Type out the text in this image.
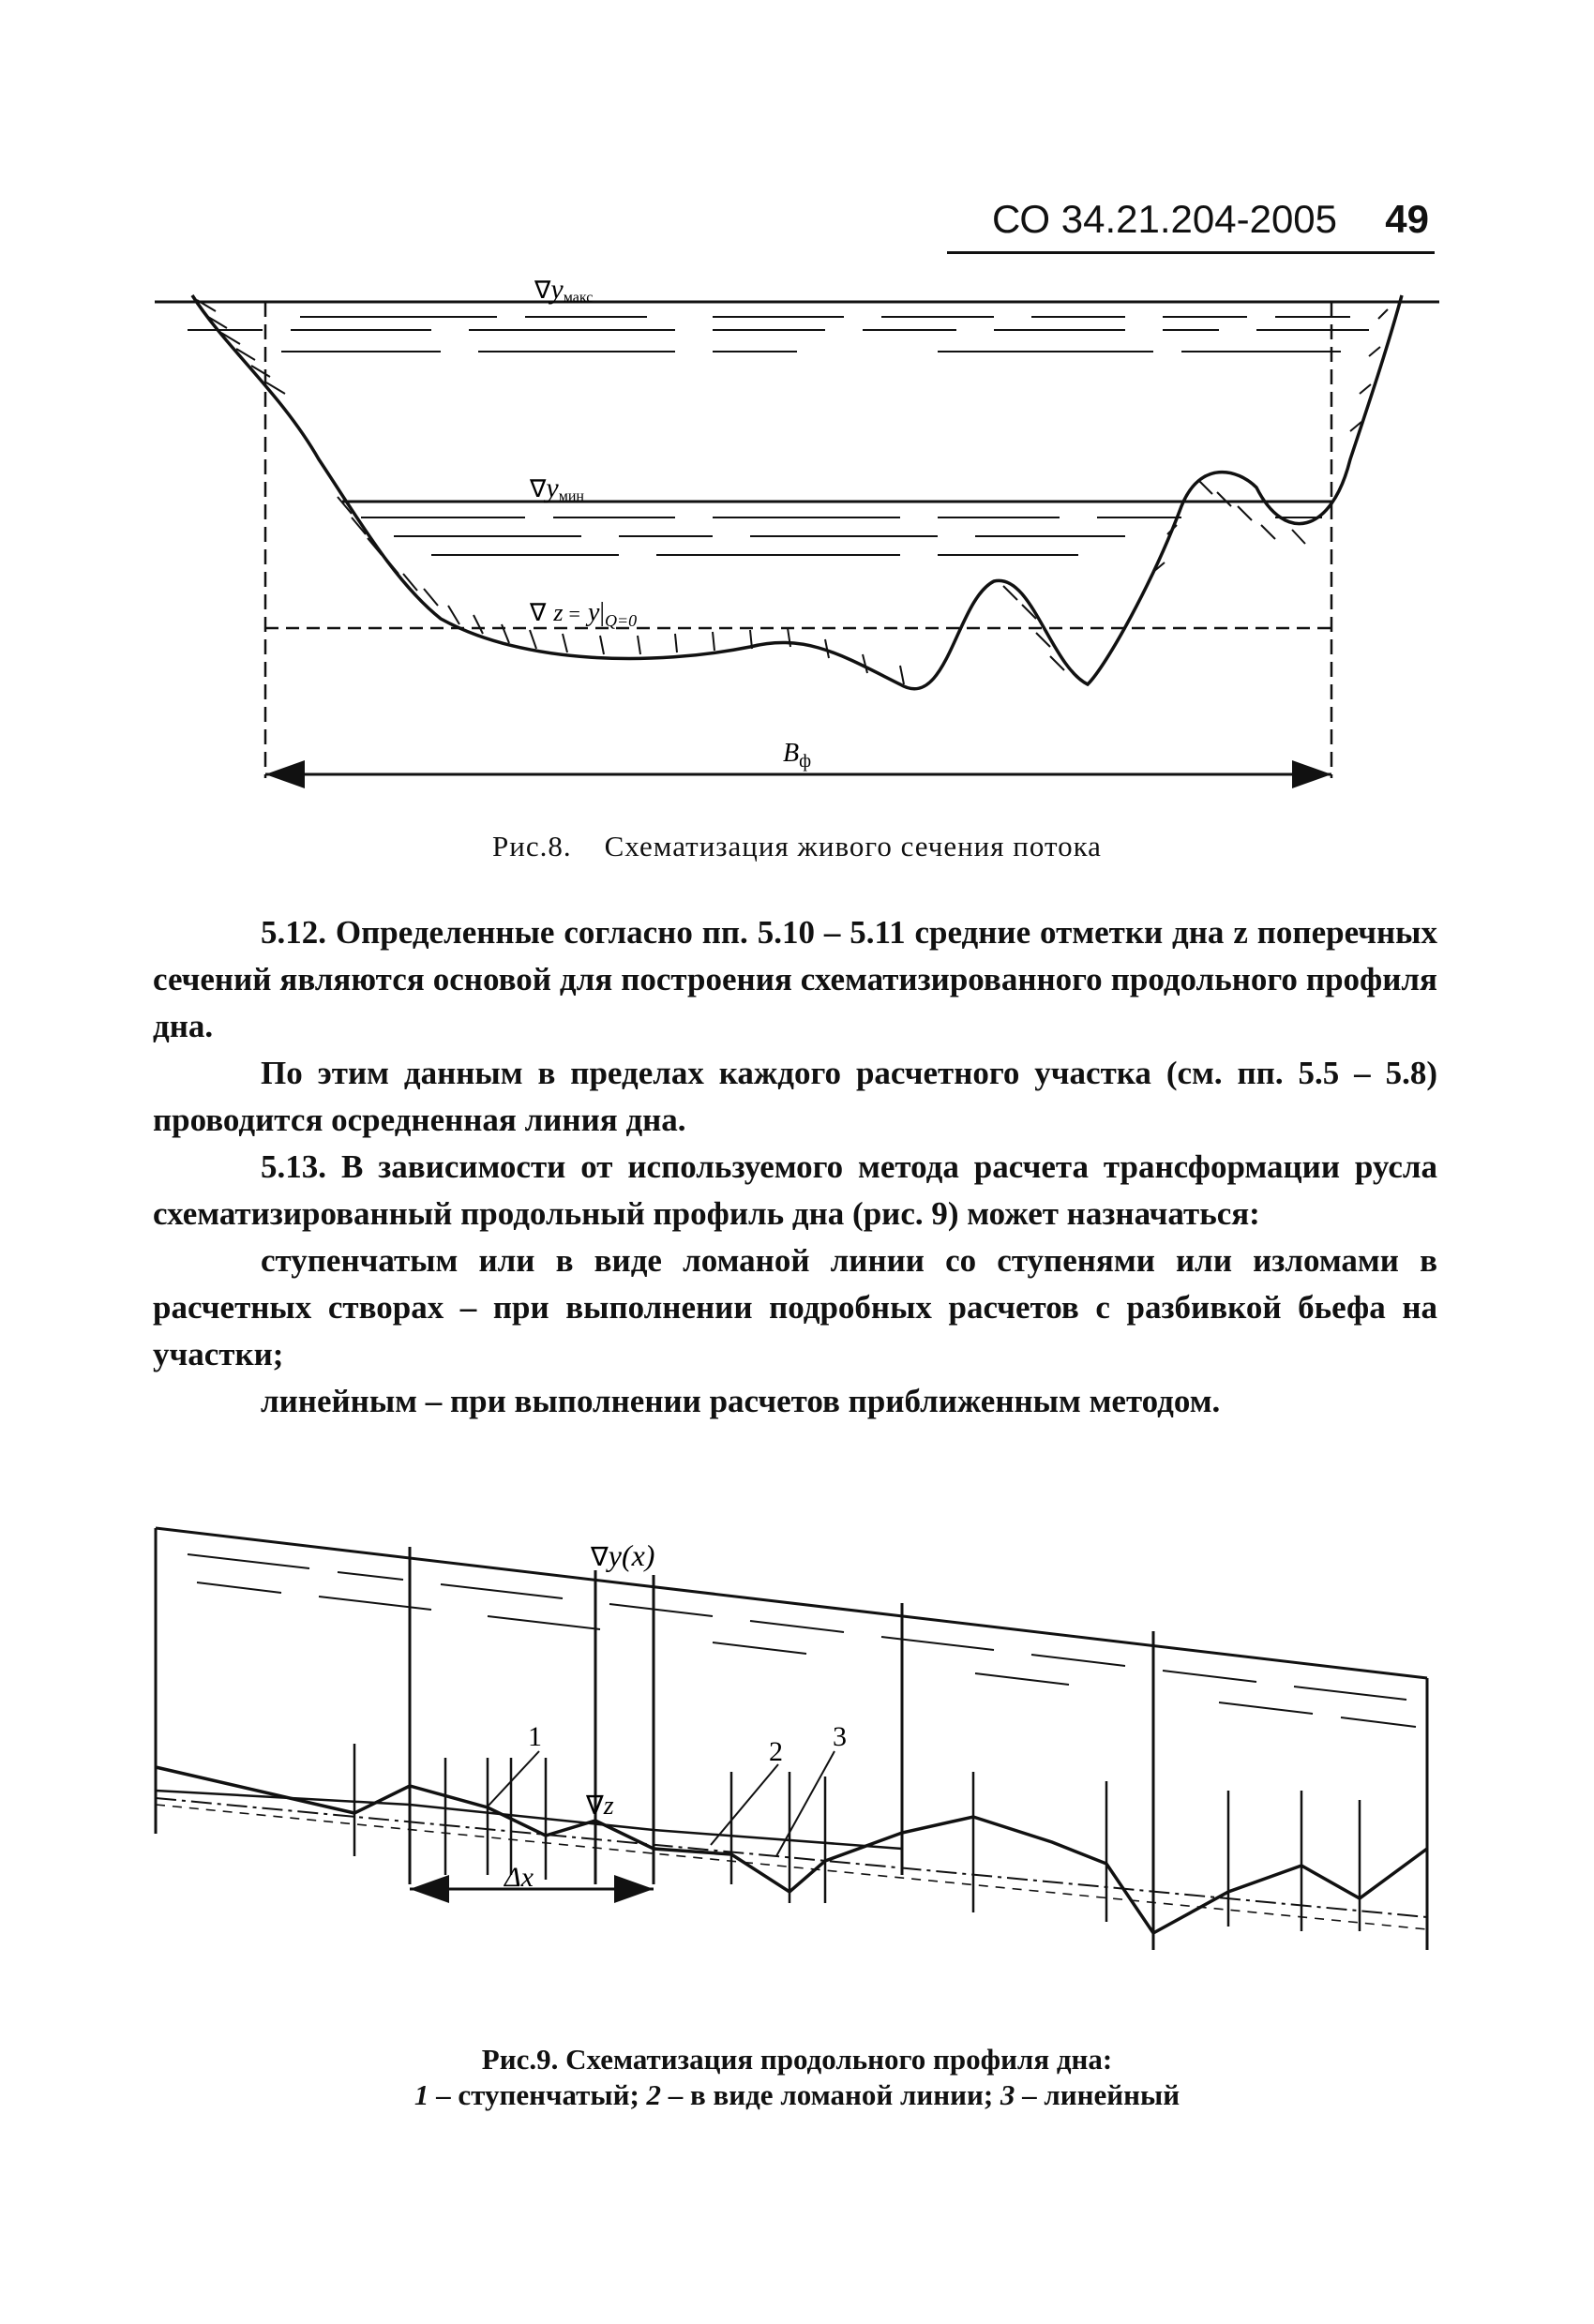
СО 34.21.204-2005 49
∇yмакс
∇yмин
∇ $z = y|_{Q=0}$
$B_ф$
Рис.8. Схематизация живого сечения потока

5.12. Определенные согласно пп. 5.10 – 5.11 средние отметки дна z поперечных сечений являются основой для построения схематизированного продольного профиля дна.

По этим данным в пределах каждого расчетного участка (см. пп. 5.5 – 5.8) проводится осредненная линия дна.

5.13. В зависимости от используемого метода расчета трансформации русла схематизированный продольный профиль дна (рис. 9) может назначаться:

ступенчатым или в виде ломаной линии со ступенями или изломами в расчетных створах – при выполнении подробных расчетов с разбивкой бьефа на участки;

линейным – при выполнении расчетов приближенным методом.

∇y(x)
∇z
Δx
1	2 3
Рис.9. Схематизация продольного профиля дна:
1 – ступенчатый; 2 – в виде ломаной линии; 3 – линейный
